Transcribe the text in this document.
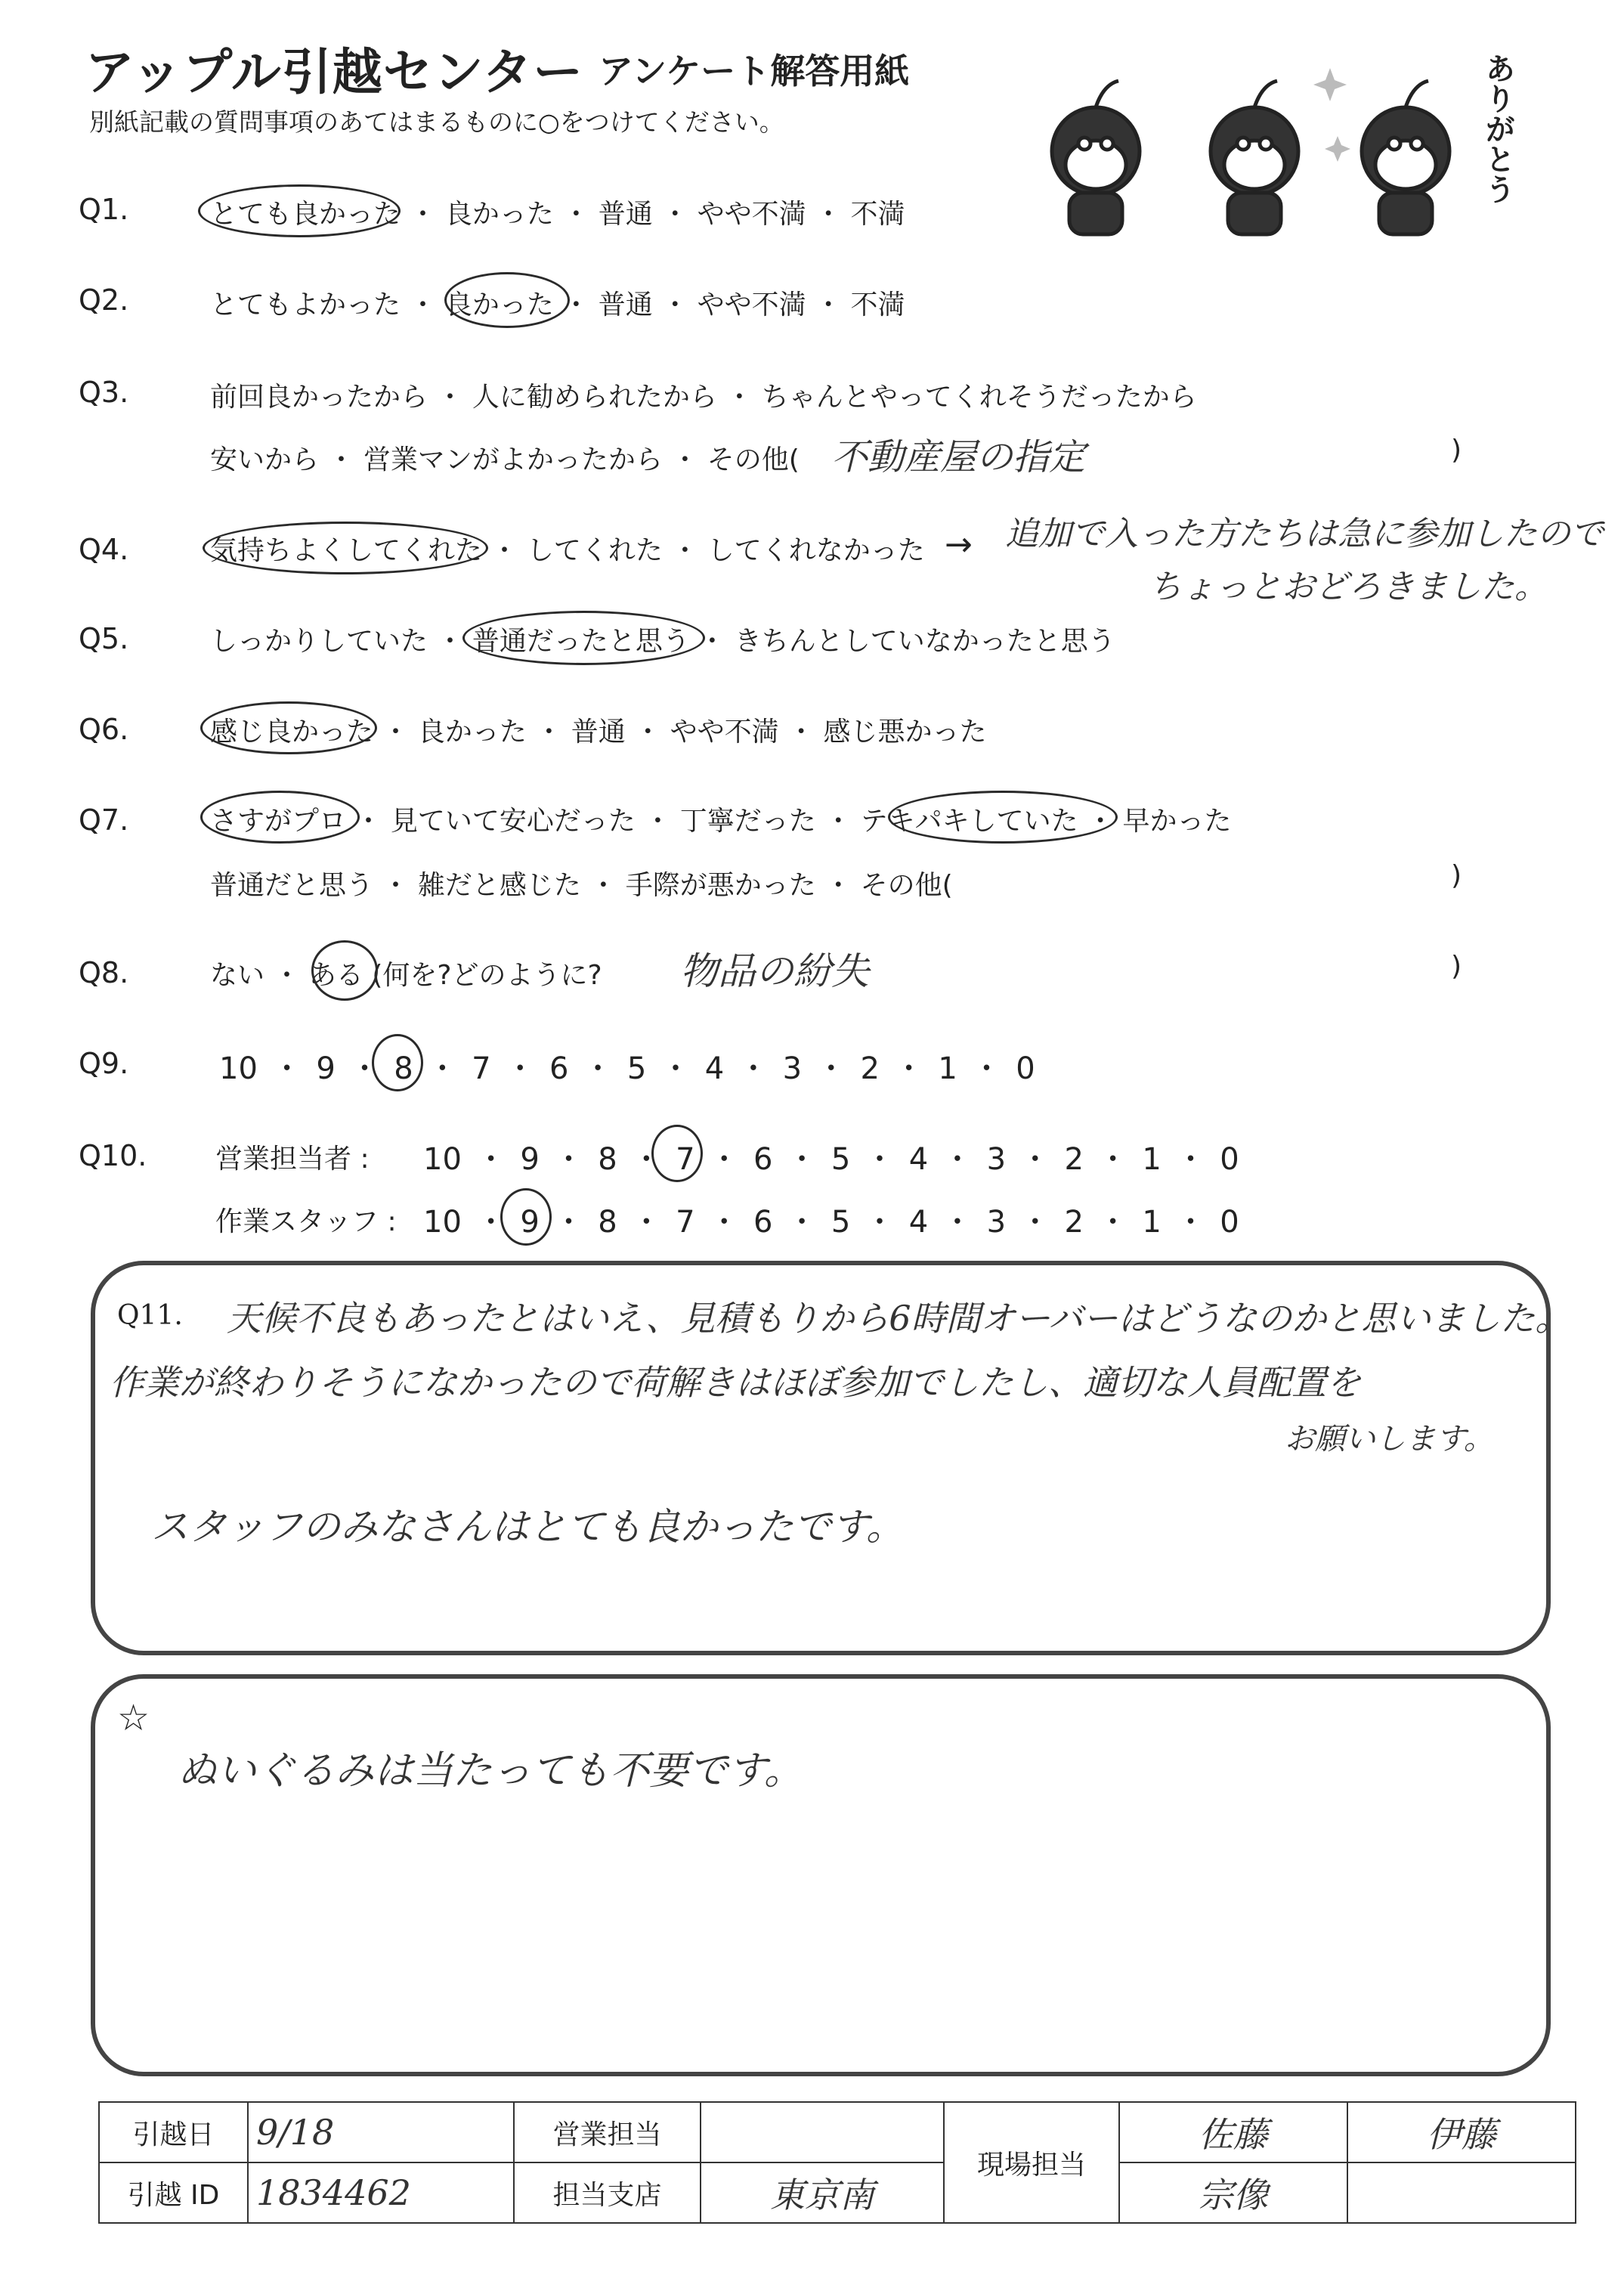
アップル引越センター アンケート解答用紙
別紙記載の質問事項のあてはまるものに○をつけてください。	ありがとう
Q1.	とても良かった ・ 良かった ・ 普通 ・ やや不満 ・ 不満
Q2.	とてもよかった ・ 良かった ・ 普通 ・ やや不満 ・ 不満
Q3.	前回良かったから ・ 人に勧められたから ・ ちゃんとやってくれそうだったから
安いから ・ 営業マンがよかったから ・ その他( 不動産屋の指定	)
Q4.	気持ちよくしてくれた ・ してくれた ・ してくれなかった → 追加で入った方たちは急に参加したので
ちょっとおどろきました。
Q5.	しっかりしていた ・ 普通だったと思う ・ きちんとしていなかったと思う
Q6.	感じ良かった ・ 良かった ・ 普通 ・ やや不満 ・ 感じ悪かった
Q7.	さすがプロ ・ 見ていて安心だった ・ 丁寧だった ・ テキパキしていた ・ 早かった
普通だと思う ・ 雑だと感じた ・ 手際が悪かった ・ その他(	)
Q8.	ない ・ ある (何を?どのように? 物品の紛失	)
Q9.	10 ・ 9 ・ 8 ・ 7 ・ 6 ・ 5 ・ 4 ・ 3 ・ 2 ・ 1 ・ 0
Q10.	営業担当者 : 10 ・ 9 ・ 8 ・ 7 ・ 6 ・ 5 ・ 4 ・ 3 ・ 2 ・ 1 ・ 0
作業スタッフ : 10 ・ 9 ・ 8 ・ 7 ・ 6 ・ 5 ・ 4 ・ 3 ・ 2 ・ 1 ・ 0
Q11. 天候不良もあったとはいえ、見積もりから6時間オーバーはどうなのかと思いました。
作業が終わりそうになかったので荷解きはほぼ参加でしたし、適切な人員配置を
お願いします。
スタッフのみなさんはとても良かったです。
☆
ぬいぐるみは当たっても不要です。
引越日	9/18	営業担当		現場担当	佐藤	伊藤
引越 ID	1834462	担当支店	東京南		宗像	
